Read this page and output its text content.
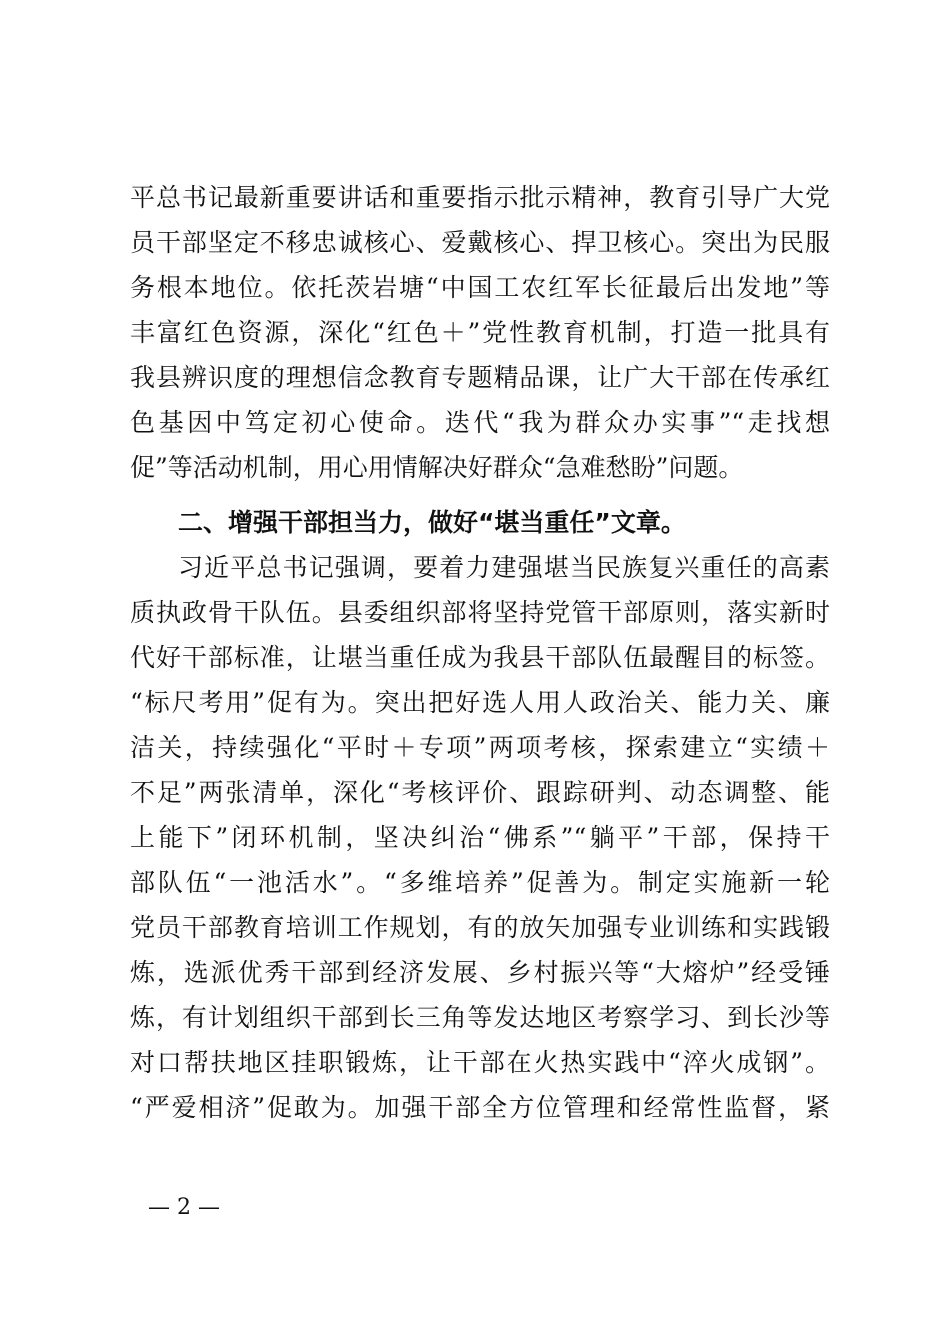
平总书记最新重要讲话和重要指示批示精神，教育引导广大党
员干部坚定不移忠诚核心、爱戴核心、捍卫核心。突出为民服
务根本地位。依托茨岩塘“中国工农红军长征最后出发地”等
丰富红色资源，深化“红色＋”党性教育机制，打造一批具有
我县辨识度的理想信念教育专题精品课，让广大干部在传承红
色基因中笃定初心使命。迭代“我为群众办实事”“走找想
促”等活动机制，用心用情解决好群众“急难愁盼”问题。
二、增强干部担当力，做好“堪当重任”文章。
习近平总书记强调，要着力建强堪当民族复兴重任的高素
质执政骨干队伍。县委组织部将坚持党管干部原则，落实新时
代好干部标准，让堪当重任成为我县干部队伍最醒目的标签。
“标尺考用”促有为。突出把好选人用人政治关、能力关、廉
洁关，持续强化“平时＋专项”两项考核，探索建立“实绩＋
不足”两张清单，深化“考核评价、跟踪研判、动态调整、能
上能下”闭环机制，坚决纠治“佛系”“躺平”干部，保持干
部队伍“一池活水”。“多维培养”促善为。制定实施新一轮
党员干部教育培训工作规划，有的放矢加强专业训练和实践锻
炼，选派优秀干部到经济发展、乡村振兴等“大熔炉”经受锤
炼，有计划组织干部到长三角等发达地区考察学习、到长沙等
对口帮扶地区挂职锻炼，让干部在火热实践中“淬火成钢”。
“严爱相济”促敢为。加强干部全方位管理和经常性监督，紧
— 2 —
